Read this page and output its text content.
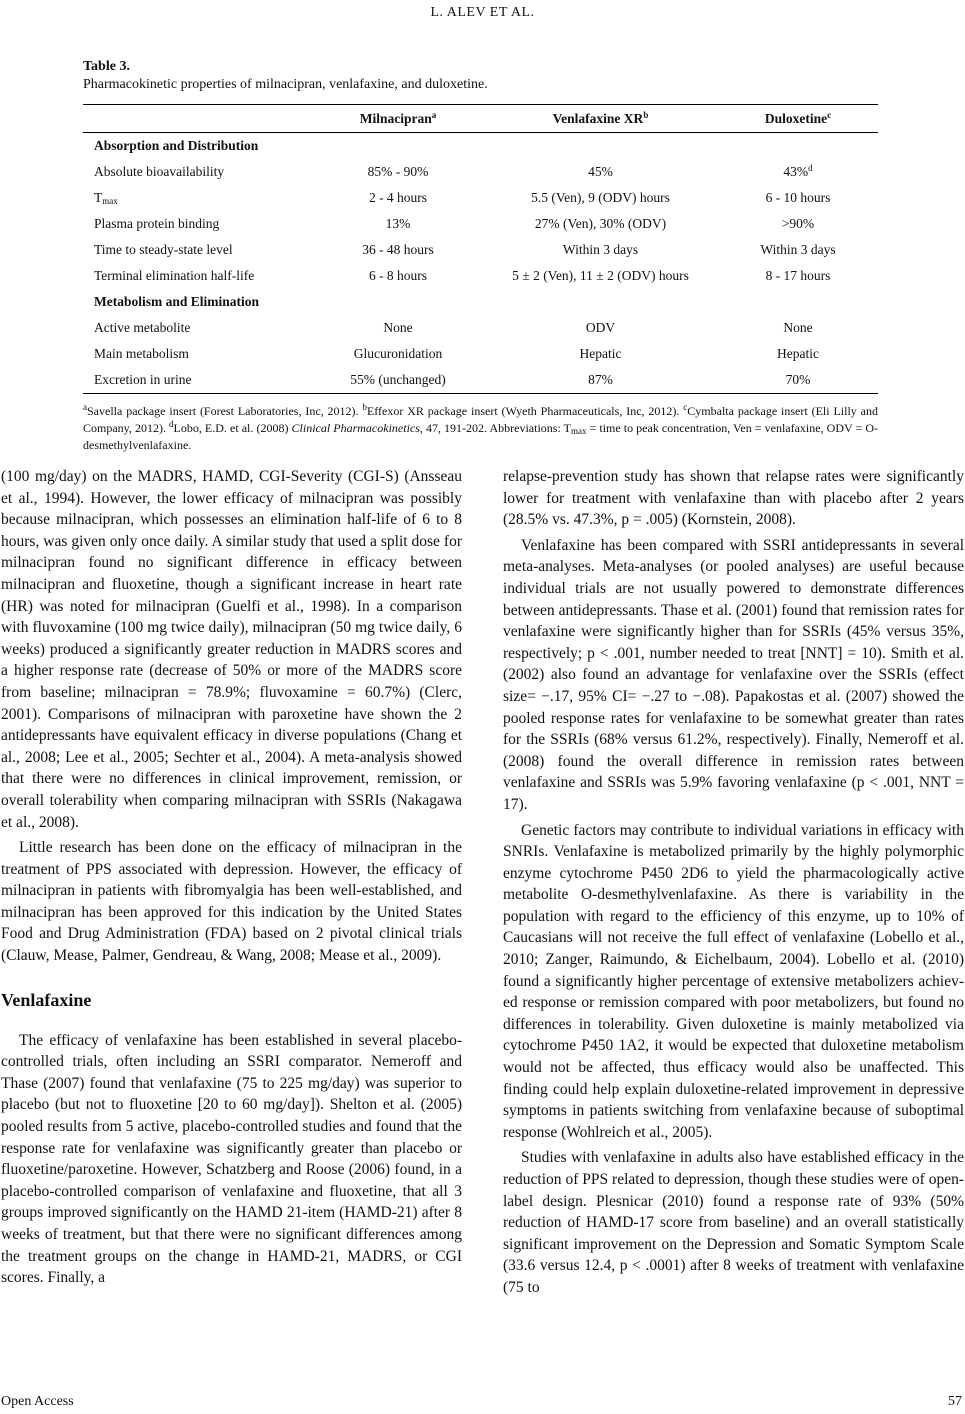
L. ALEV ET AL.
Table 3.
Pharmacokinetic properties of milnacipran, venlafaxine, and duloxetine.
	Milnacipran$^a$	Venlafaxine $XR^b$	Duloxetine$^c$
Absorption and Distribution			
Absolute bioavailability	85% - 90%	45%	43%$^d$
$T_{max}$	2 - 4 hours	5.5 (Ven), 9 (ODV) hours	6 - 10 hours
Plasma protein binding	13%	27% (Ven), 30% (ODV)	>90%
Time to steady-state level	36 - 48 hours	Within 3 days	Within 3 days
Terminal elimination half-life	6 - 8 hours	5 ± 2 (Ven), 11 ± 2 (ODV) hours	8 - 17 hours
Metabolism and Elimination			
Active metabolite	None	ODV	None
Main metabolism	Glucuronidation	Hepatic	Hepatic
Excretion in urine	55% (unchanged)	87%	70%
$^a$Savella package insert (Forest Laboratories, Inc, 2012). $^b$Effexor XR package insert (Wyeth Pharmaceuticals, Inc, 2012). $^c$Cymbalta package insert (Eli Lilly and Company, 2012). $^d$Lobo, E.D. et al. (2008) Clinical Pharmacokinetics, 47, 191-202. Abbreviations: $T_{max}$ = time to peak concentration, Ven = venlafaxine, ODV = O-desmethylvenlafaxine.

(100 mg/day) on the MADRS, HAMD, CGI-Severity (CGI-S) (Ansseau et al., 1994). However, the lower efficacy of milnacipran was possibly because milnacipran, which possesses an elimination half-life of 6 to 8 hours, was given only once daily. A similar study that used a split dose for milnacipran found no significant difference in efficacy between milnacipran and fluoxetine, though a significant increase in heart rate (HR) was noted for milnacipran (Guelfi et al., 1998). In a comparison with fluvoxamine (100 mg twice daily), milnacipran (50 mg twice daily, 6 weeks) produced a significantly greater reduction in MADRS scores and a higher response rate (decrease of 50% or more of the MADRS score from baseline; milnacipran = 78.9%; fluvoxamine = 60.7%) (Clerc, 2001). Comparisons of milnacipran with paroxetine have shown the 2 antidepressants have equivalent efficacy in diverse populations (Chang et al., 2008; Lee et al., 2005; Sechter et al., 2004). A meta-analysis showed that there were no differences in clinical improvement, remission, or overall tolerability when comparing milnacipran with SSRIs (Nakagawa et al., 2008).

Little research has been done on the efficacy of milnacipran in the treatment of PPS associated with depression. However, the efficacy of milnacipran in patients with fibromyalgia has been well-established, and milnacipran has been approved for this indication by the United States Food and Drug Administration (FDA) based on 2 pivotal clinical trials (Clauw, Mease, Palmer, Gendreau, & Wang, 2008; Mease et al., 2009).

Venlafaxine

The efficacy of venlafaxine has been established in several placebo-controlled trials, often including an SSRI comparator. Nemeroff and Thase (2007) found that venlafaxine (75 to 225 mg/day) was superior to placebo (but not to fluoxetine [20 to 60 mg/day]). Shelton et al. (2005) pooled results from 5 active, placebo-controlled studies and found that the response rate for venlafaxine was significantly greater than placebo or fluoxetine/paroxetine. However, Schatzberg and Roose (2006) found, in a placebo-controlled comparison of venlafaxine and fluoxetine, that all 3 groups improved significantly on the HAMD 21-item (HAMD-21) after 8 weeks of treatment, but that there were no significant differences among the treatment groups on the change in HAMD-21, MADRS, or CGI scores. Finally, a

relapse-prevention study has shown that relapse rates were significantly lower for treatment with venlafaxine than with placebo after 2 years (28.5% vs. 47.3%, p = .005) (Kornstein, 2008).

Venlafaxine has been compared with SSRI antidepressants in several meta-analyses. Meta-analyses (or pooled analyses) are useful because individual trials are not usually powered to demonstrate differences between antidepressants. Thase et al. (2001) found that remission rates for venlafaxine were significantly higher than for SSRIs (45% versus 35%, respectively; p < .001, number needed to treat [NNT] = 10). Smith et al. (2002) also found an advantage for venlafaxine over the SSRIs (effect size= −.17, 95% CI= −.27 to −.08). Papakostas et al. (2007) showed the pooled response rates for venlafaxine to be somewhat greater than rates for the SSRIs (68% versus 61.2%, respectively). Finally, Nemeroff et al. (2008) found the overall difference in remission rates between venlafaxine and SSRIs was 5.9% favoring venlafaxine (p < .001, NNT = 17).

Genetic factors may contribute to individual variations in efficacy with SNRIs. Venlafaxine is metabolized primarily by the highly polymorphic enzyme cytochrome P450 2D6 to yield the pharmacologically active metabolite O-desmethylvenlafaxine. As there is variability in the population with regard to the efficiency of this enzyme, up to 10% of Caucasians will not receive the full effect of venlafaxine (Lobello et al., 2010; Zanger, Raimundo, & Eichelbaum, 2004). Lobello et al. (2010) found a significantly higher percentage of extensive metabolizers achieved response or remission compared with poor metabolizers, but found no differences in tolerability. Given duloxetine is mainly metabolized via cytochrome P450 1A2, it would be expected that duloxetine metabolism would not be affected, thus efficacy would also be unaffected. This finding could help explain duloxetine-related improvement in depressive symptoms in patients switching from venlafaxine because of suboptimal response (Wohlreich et al., 2005).

Studies with venlafaxine in adults also have established efficacy in the reduction of PPS related to depression, though these studies were of open-label design. Plesnicar (2010) found a response rate of 93% (50% reduction of HAMD-17 score from baseline) and an overall statistically significant improvement on the Depression and Somatic Symptom Scale (33.6 versus 12.4, p < .0001) after 8 weeks of treatment with venlafaxine (75 to

Open Access	57
